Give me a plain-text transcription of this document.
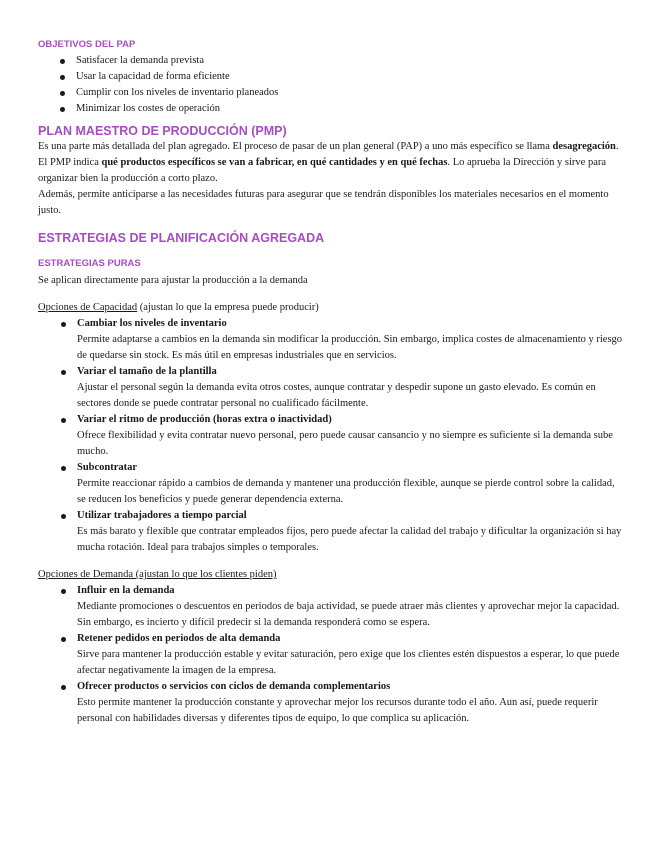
OBJETIVOS DEL PAP
Satisfacer la demanda prevista
Usar la capacidad de forma eficiente
Cumplir con los niveles de inventario planeados
Minimizar los costes de operación
PLAN MAESTRO DE PRODUCCIÓN (PMP)

Es una parte más detallada del plan agregado. El proceso de pasar de un plan general (PAP) a uno más específico se llama desagregación.

El PMP indica qué productos específicos se van a fabricar, en qué cantidades y en qué fechas. Lo aprueba la Dirección y sirve para organizar bien la producción a corto plazo.

Además, permite anticiparse a las necesidades futuras para asegurar que se tendrán disponibles los materiales necesarios en el momento justo.

ESTRATEGIAS DE PLANIFICACIÓN AGREGADA
ESTRATEGIAS PURAS

Se aplican directamente para ajustar la producción a la demanda

Opciones de Capacidad (ajustan lo que la empresa puede producir)

Cambiar los niveles de inventario
Permite adaptarse a cambios en la demanda sin modificar la producción. Sin embargo, implica costes de almacenamiento y riesgo de quedarse sin stock. Es más útil en empresas industriales que en servicios.
Variar el tamaño de la plantilla
Ajustar el personal según la demanda evita otros costes, aunque contratar y despedir supone un gasto elevado. Es común en sectores donde se puede contratar personal no cualificado fácilmente.
Variar el ritmo de producción (horas extra o inactividad)
Ofrece flexibilidad y evita contratar nuevo personal, pero puede causar cansancio y no siempre es suficiente si la demanda sube mucho.
Subcontratar
Permite reaccionar rápido a cambios de demanda y mantener una producción flexible, aunque se pierde control sobre la calidad, se reducen los beneficios y puede generar dependencia externa.
Utilizar trabajadores a tiempo parcial
Es más barato y flexible que contratar empleados fijos, pero puede afectar la calidad del trabajo y dificultar la organización si hay mucha rotación. Ideal para trabajos simples o temporales.

Opciones de Demanda (ajustan lo que los clientes piden)

Influir en la demanda
Mediante promociones o descuentos en periodos de baja actividad, se puede atraer más clientes y aprovechar mejor la capacidad. Sin embargo, es incierto y difícil predecir si la demanda responderá como se espera.
Retener pedidos en periodos de alta demanda
Sirve para mantener la producción estable y evitar saturación, pero exige que los clientes estén dispuestos a esperar, lo que puede afectar negativamente la imagen de la empresa.
Ofrecer productos o servicios con ciclos de demanda complementarios
Esto permite mantener la producción constante y aprovechar mejor los recursos durante todo el año. Aun así, puede requerir personal con habilidades diversas y diferentes tipos de equipo, lo que complica su aplicación.
